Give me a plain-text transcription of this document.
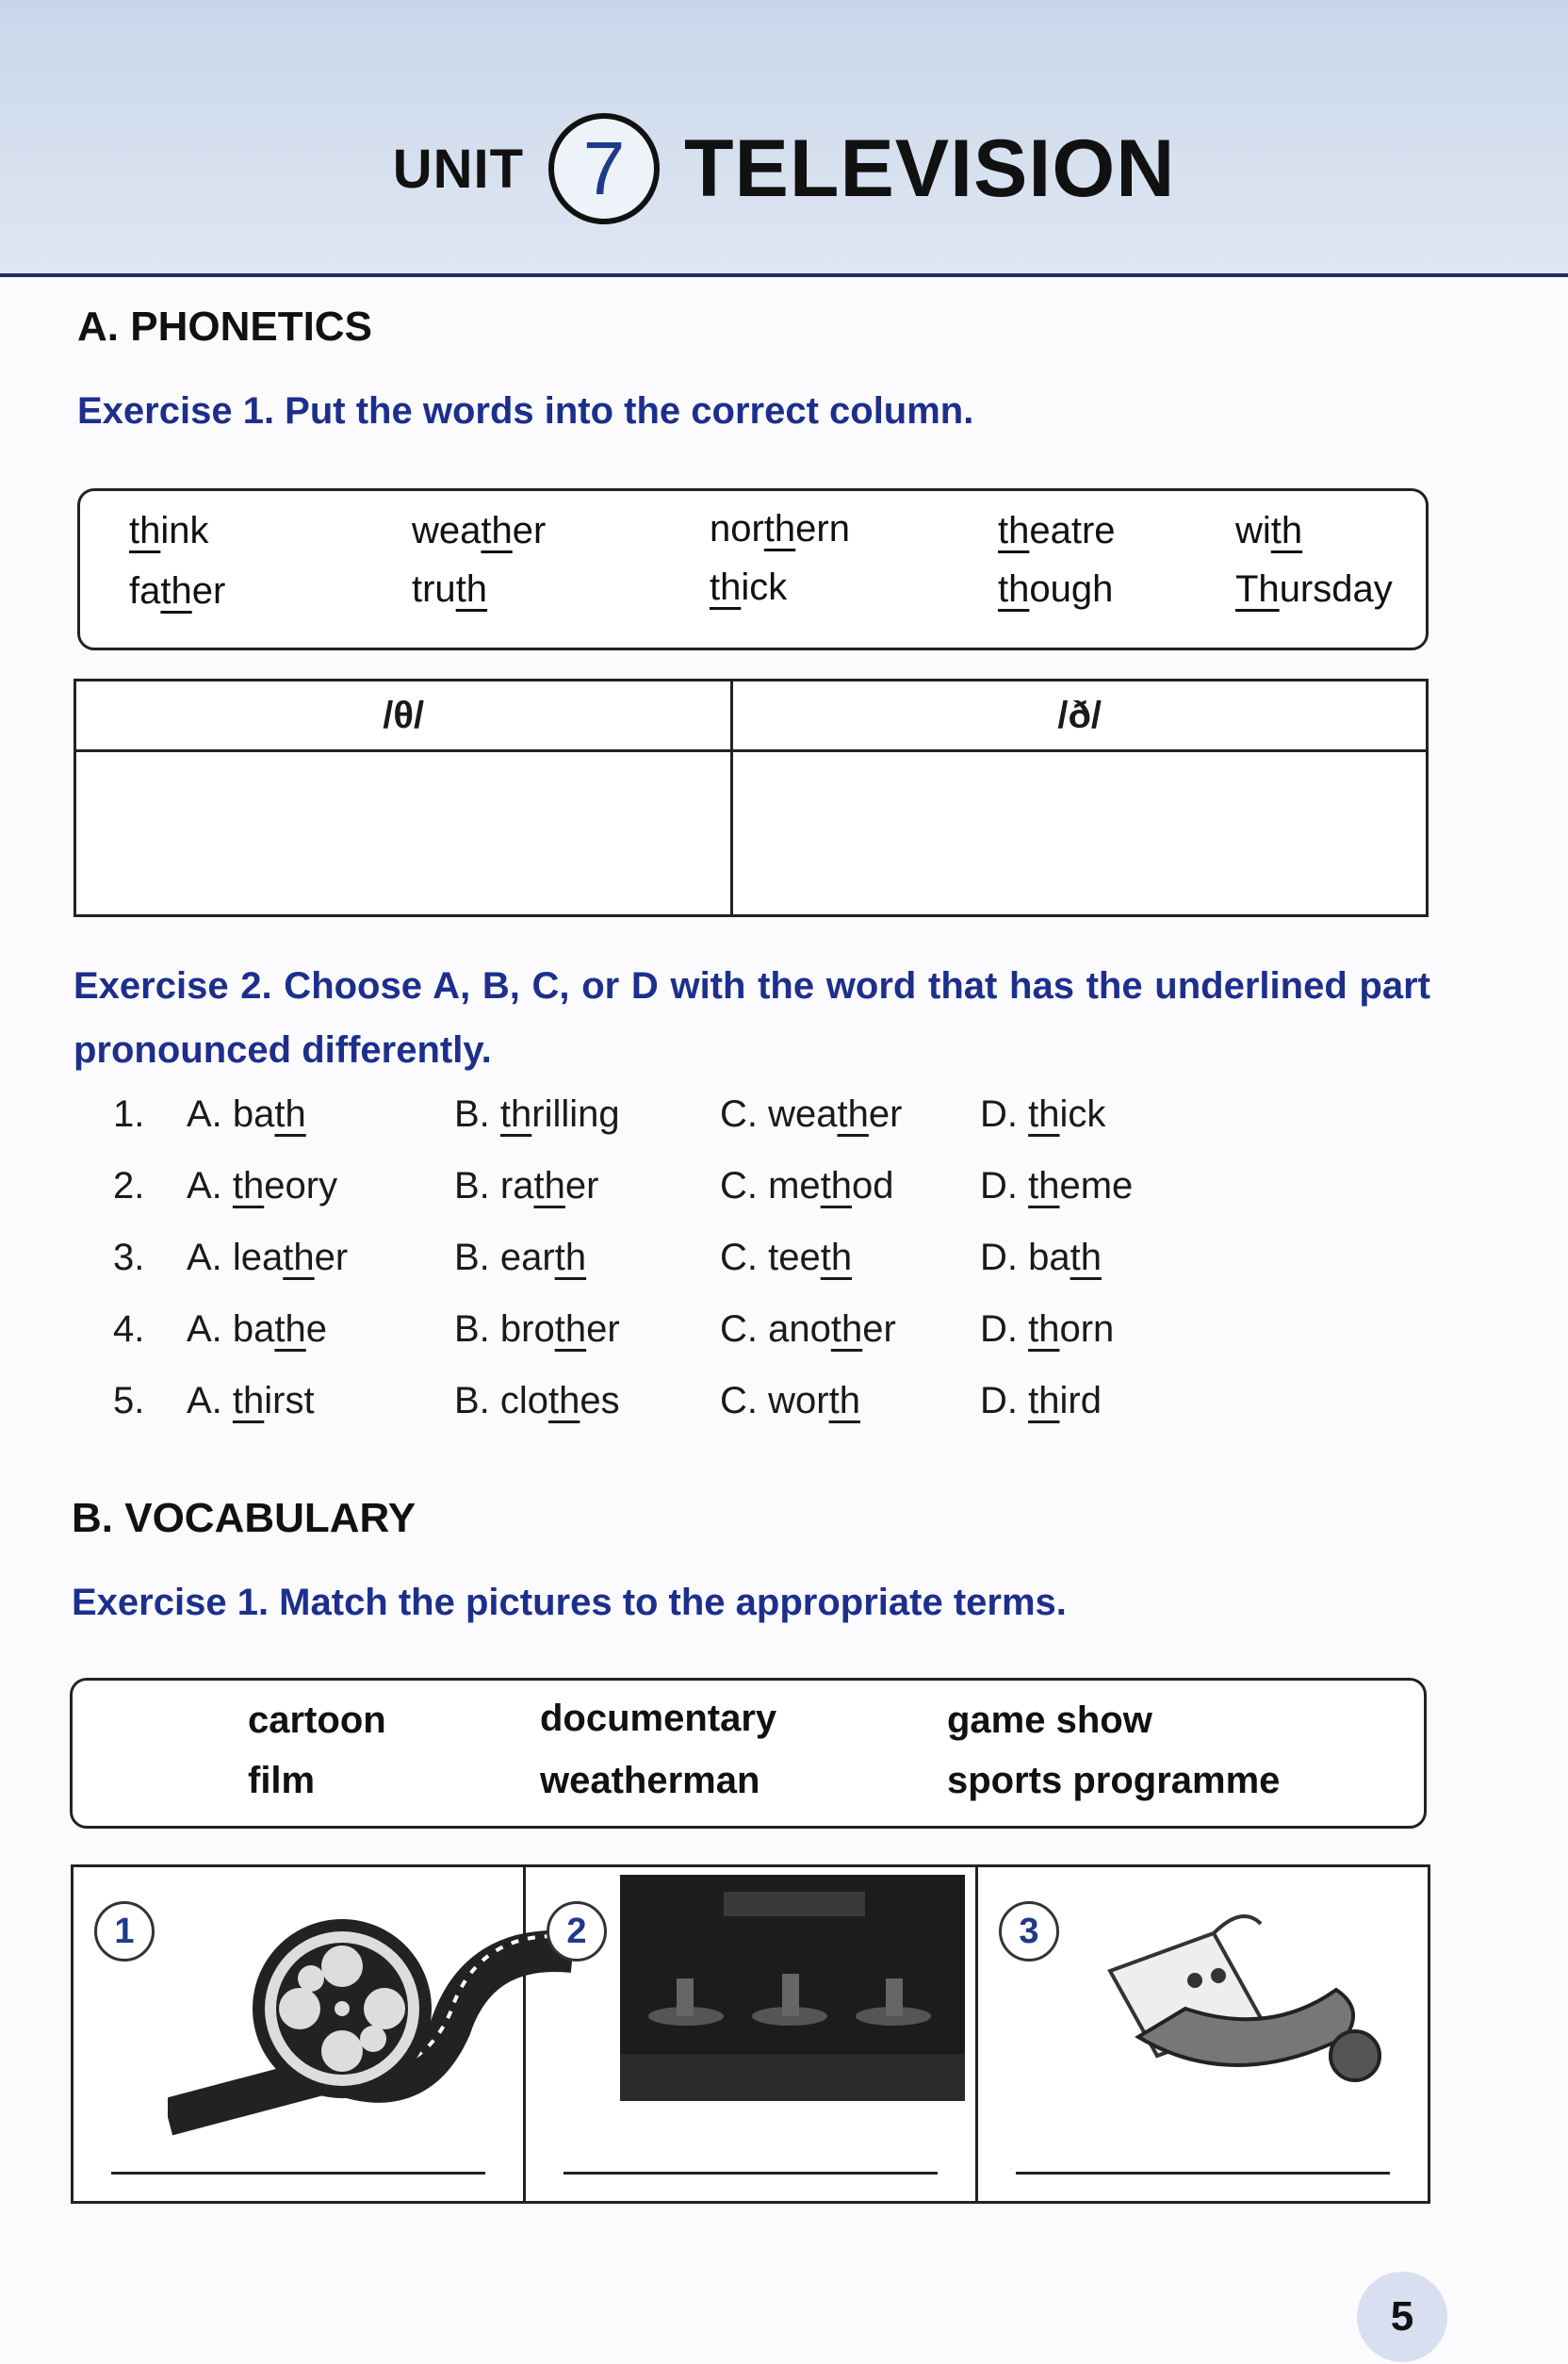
UNIT 7 TELEVISION
A. PHONETICS
Exercise 1. Put the words into the correct column.
think	weather	northern	theatre	with
father	truth	thick	though	Thursday
/θ/	/ð/

Exercise 2. Choose A, B, C, or D with the word that has the underlined part
pronounced differently.
1. A. bath	B. thrilling	C. weather D. thick
2. A. theory	B. rather	C. method D. theme
3. A. leather	B. earth	C. teeth	D. bath
4. A. bathe	B. brother	C. another D. thorn
5. A. thirst	B. clothes	C. worth	D. third
B. VOCABULARY
Exercise 1. Match the pictures to the appropriate terms.
cartoon	documentary	game show
film	weatherman	sports programme
1	2	3
5
